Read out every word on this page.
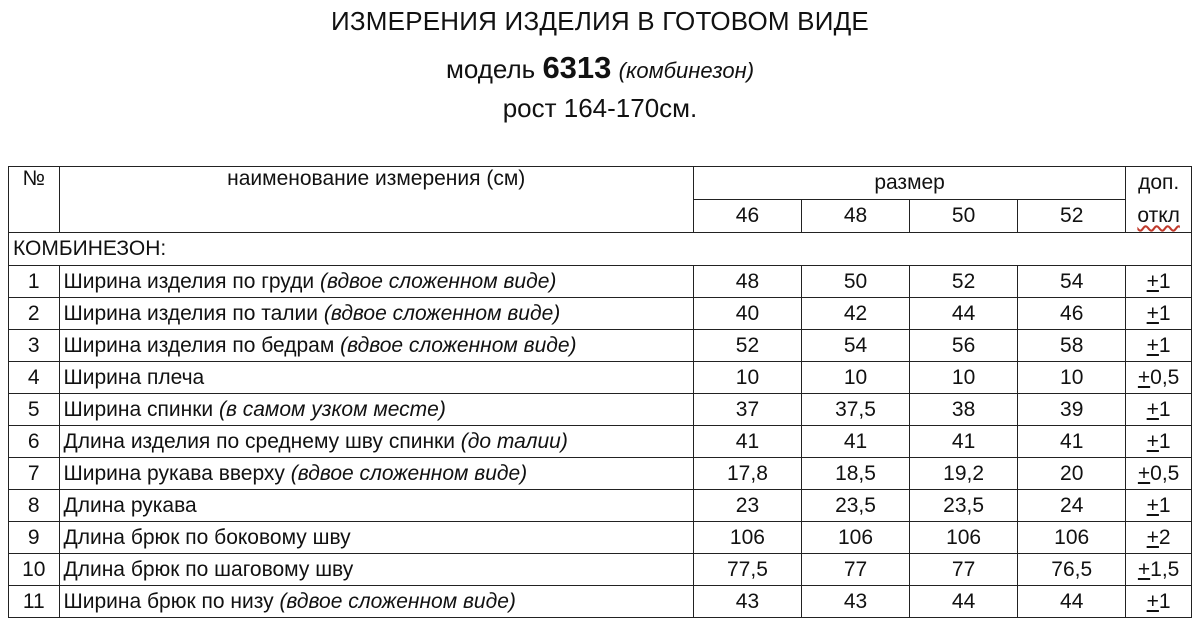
ИЗМЕРЕНИЯ ИЗДЕЛИЯ В ГОТОВОМ ВИДЕ
модель 6313 (комбинезон)
рост 164-170см.
№	наименование измерения (см)	размер				доп.
		46	48	50	52	откл
КОМБИНЕЗОН:						
1	Ширина изделия по груди (вдвое сложенном виде)	48	50	52	54	+1
2	Ширина изделия по талии (вдвое сложенном виде)	40	42	44	46	+1
3	Ширина изделия по бедрам (вдвое сложенном виде)	52	54	56	58	+1
4	Ширина плеча	10	10	10	10	+0,5
5	Ширина спинки (в самом узком месте)	37	37,5	38	39	+1
6	Длина изделия по среднему шву спинки (до талии)	41	41	41	41	+1
7	Ширина рукава вверху (вдвое сложенном виде)	17,8	18,5	19,2	20	+0,5
8	Длина рукава	23	23,5	23,5	24	+1
9	Длина брюк по боковому шву	106	106	106	106	+2
10	Длина брюк по шаговому шву	77,5	77	77	76,5	+1,5
11	Ширина брюк по низу (вдвое сложенном виде)	43	43	44	44	+1
